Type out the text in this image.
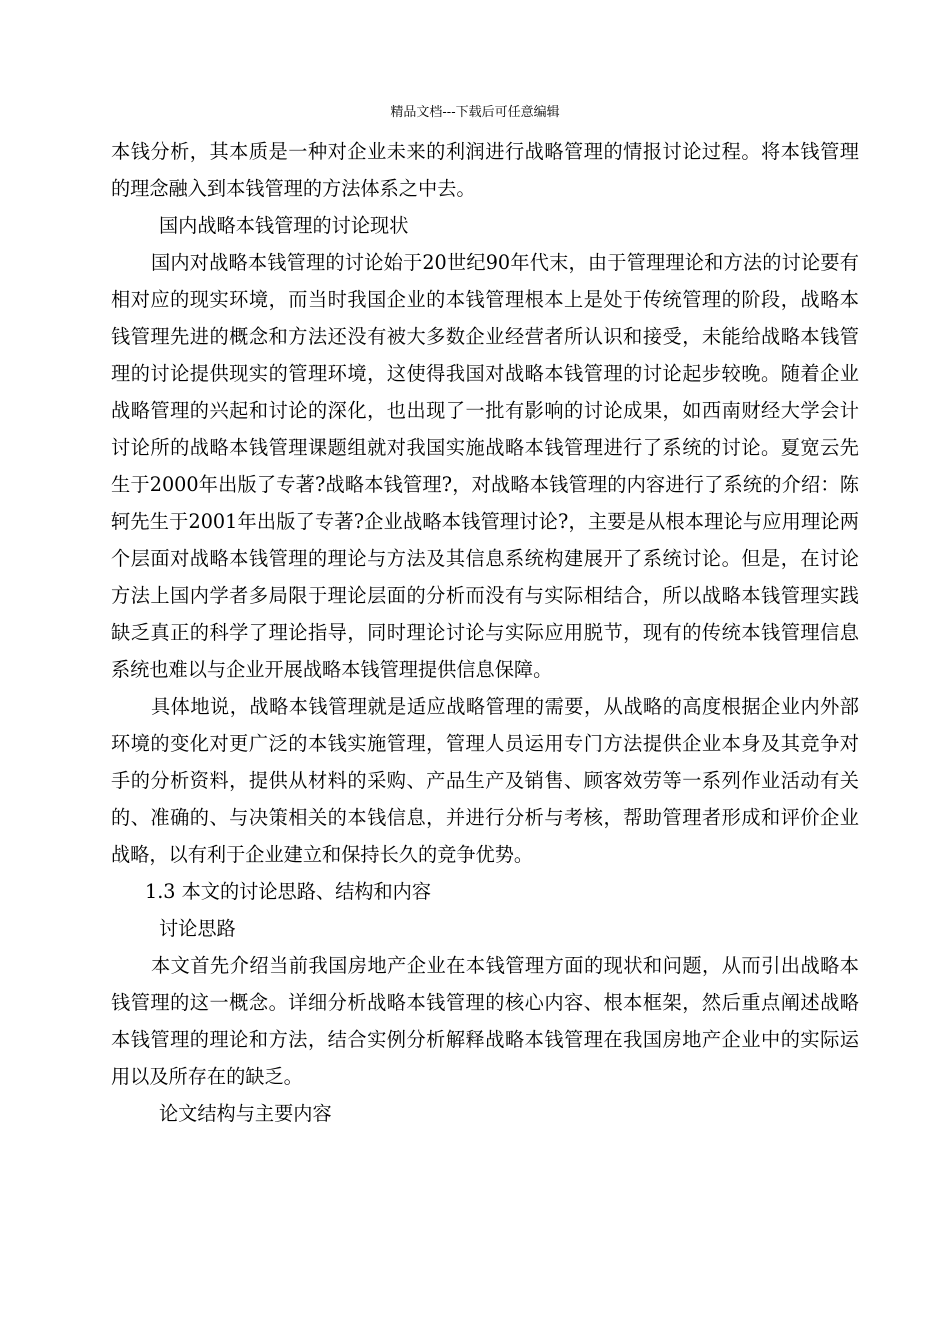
精品文档---下载后可任意编辑

本钱分析，其本质是一种对企业未来的利润进行战略管理的情报讨论过程。将本钱管理的理念融入到本钱管理的方法体系之中去。

国内战略本钱管理的讨论现状

国内对战略本钱管理的讨论始于20世纪90年代末，由于管理理论和方法的讨论要有相对应的现实环境，而当时我国企业的本钱管理根本上是处于传统管理的阶段，战略本钱管理先进的概念和方法还没有被大多数企业经营者所认识和接受，未能给战略本钱管理的讨论提供现实的管理环境，这使得我国对战略本钱管理的讨论起步较晚。随着企业战略管理的兴起和讨论的深化，也出现了一批有影响的讨论成果，如西南财经大学会计讨论所的战略本钱管理课题组就对我国实施战略本钱管理进行了系统的讨论。夏宽云先生于2000年出版了专著?战略本钱管理?，对战略本钱管理的内容进行了系统的介绍：陈轲先生于2001年出版了专著?企业战略本钱管理讨论?，主要是从根本理论与应用理论两个层面对战略本钱管理的理论与方法及其信息系统构建展开了系统讨论。但是，在讨论方法上国内学者多局限于理论层面的分析而没有与实际相结合，所以战略本钱管理实践缺乏真正的科学了理论指导，同时理论讨论与实际应用脱节，现有的传统本钱管理信息系统也难以与企业开展战略本钱管理提供信息保障。

具体地说，战略本钱管理就是适应战略管理的需要，从战略的高度根据企业内外部环境的变化对更广泛的本钱实施管理，管理人员运用专门方法提供企业本身及其竞争对手的分析资料，提供从材料的采购、产品生产及销售、顾客效劳等一系列作业活动有关的、准确的、与决策相关的本钱信息，并进行分析与考核，帮助管理者形成和评价企业战略，以有利于企业建立和保持长久的竞争优势。

1.3 本文的讨论思路、结构和内容

讨论思路

本文首先介绍当前我国房地产企业在本钱管理方面的现状和问题，从而引出战略本钱管理的这一概念。详细分析战略本钱管理的核心内容、根本框架，然后重点阐述战略本钱管理的理论和方法，结合实例分析解释战略本钱管理在我国房地产企业中的实际运用以及所存在的缺乏。

论文结构与主要内容
